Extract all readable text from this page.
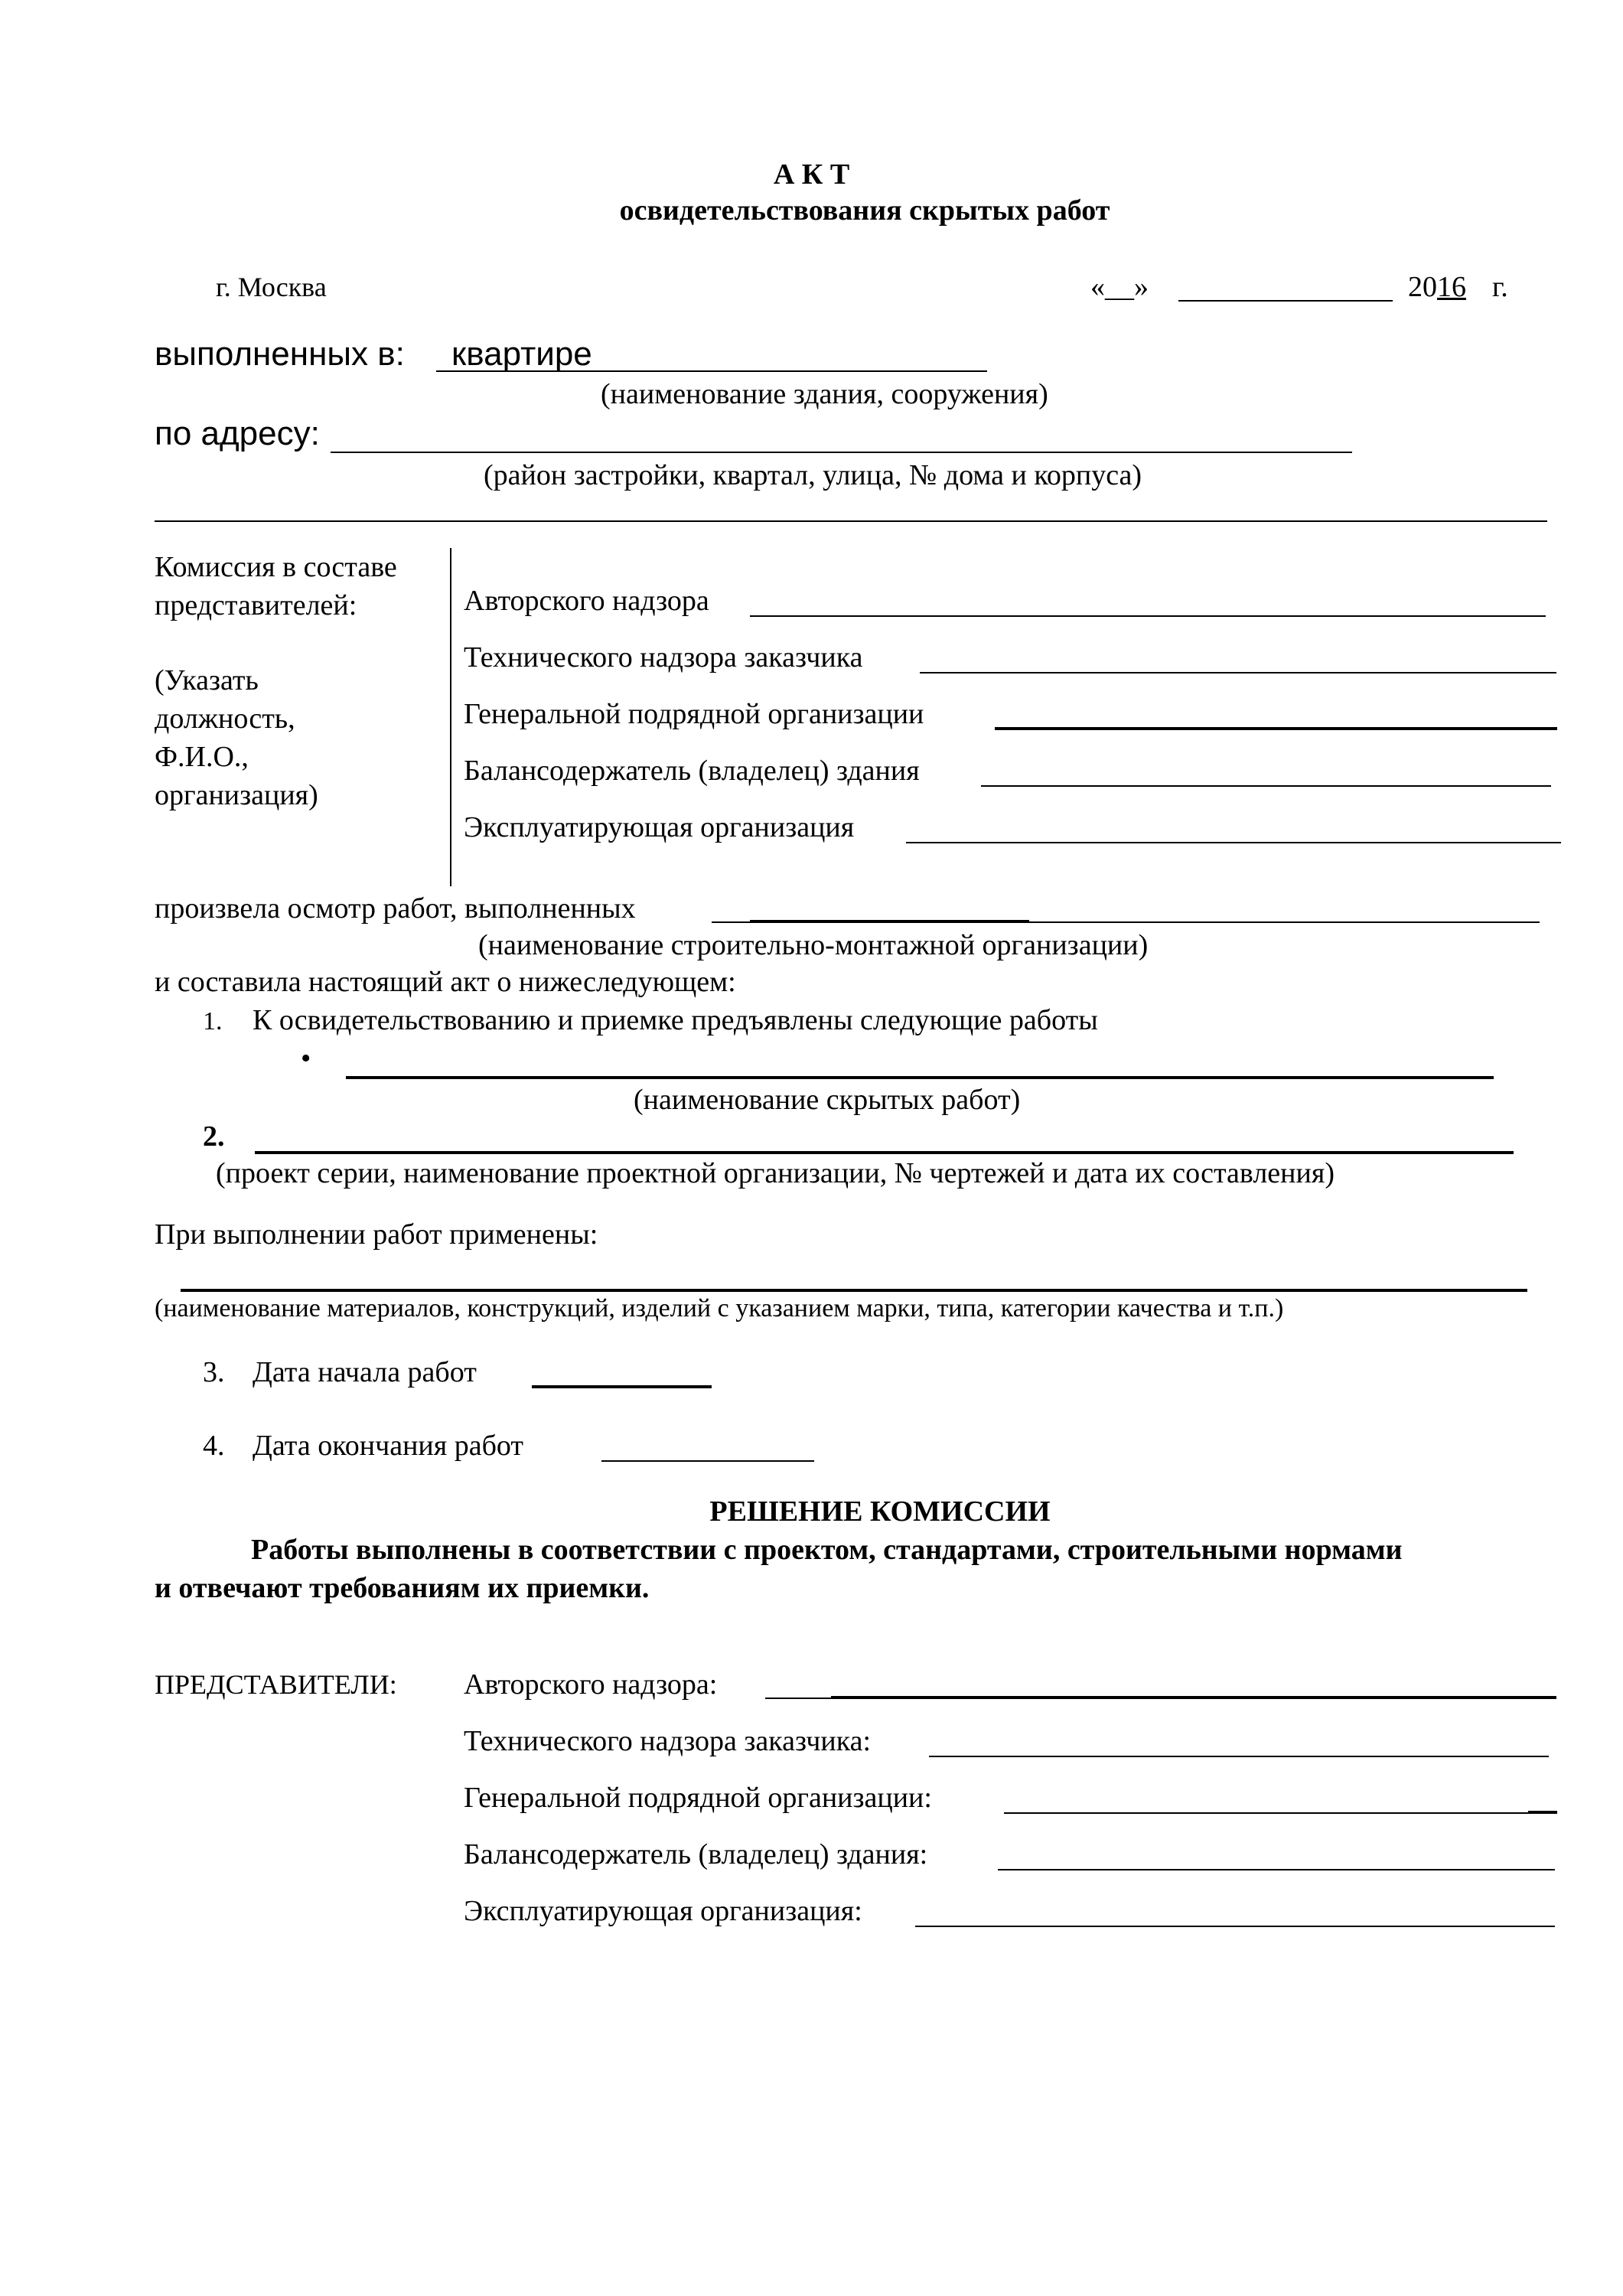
А К Т
освидетельствования скрытых работ
г. Москва	«__»	2016 г.
выполненных в: квартире
(наименование здания, сооружения)
по адресу:
(район застройки, квартал, улица, № дома и корпуса)
Комиссия в составе
представителей:
(Указать
должность,
Ф.И.О.,
организация)
Авторского надзора
Технического надзора заказчика
Генеральной подрядной организации
Балансодержатель (владелец) здания
Эксплуатирующая организация
произвела осмотр работ, выполненных
(наименование строительно-монтажной организации)
и составила настоящий акт о нижеследующем:
1. К освидетельствованию и приемке предъявлены следующие работы
•
(наименование скрытых работ)
2.
(проект серии, наименование проектной организации, № чертежей и дата их составления)
При выполнении работ применены:
(наименование материалов, конструкций, изделий с указанием марки, типа, категории качества и т.п.)
3. Дата начала работ
4. Дата окончания работ
РЕШЕНИЕ КОМИССИИ
Работы выполнены в соответствии с проектом, стандартами, строительными нормами
и отвечают требованиям их приемки.
ПРЕДСТАВИТЕЛИ: Авторского надзора:
Технического надзора заказчика:
Генеральной подрядной организации:
Балансодержатель (владелец) здания:
Эксплуатирующая организация:
